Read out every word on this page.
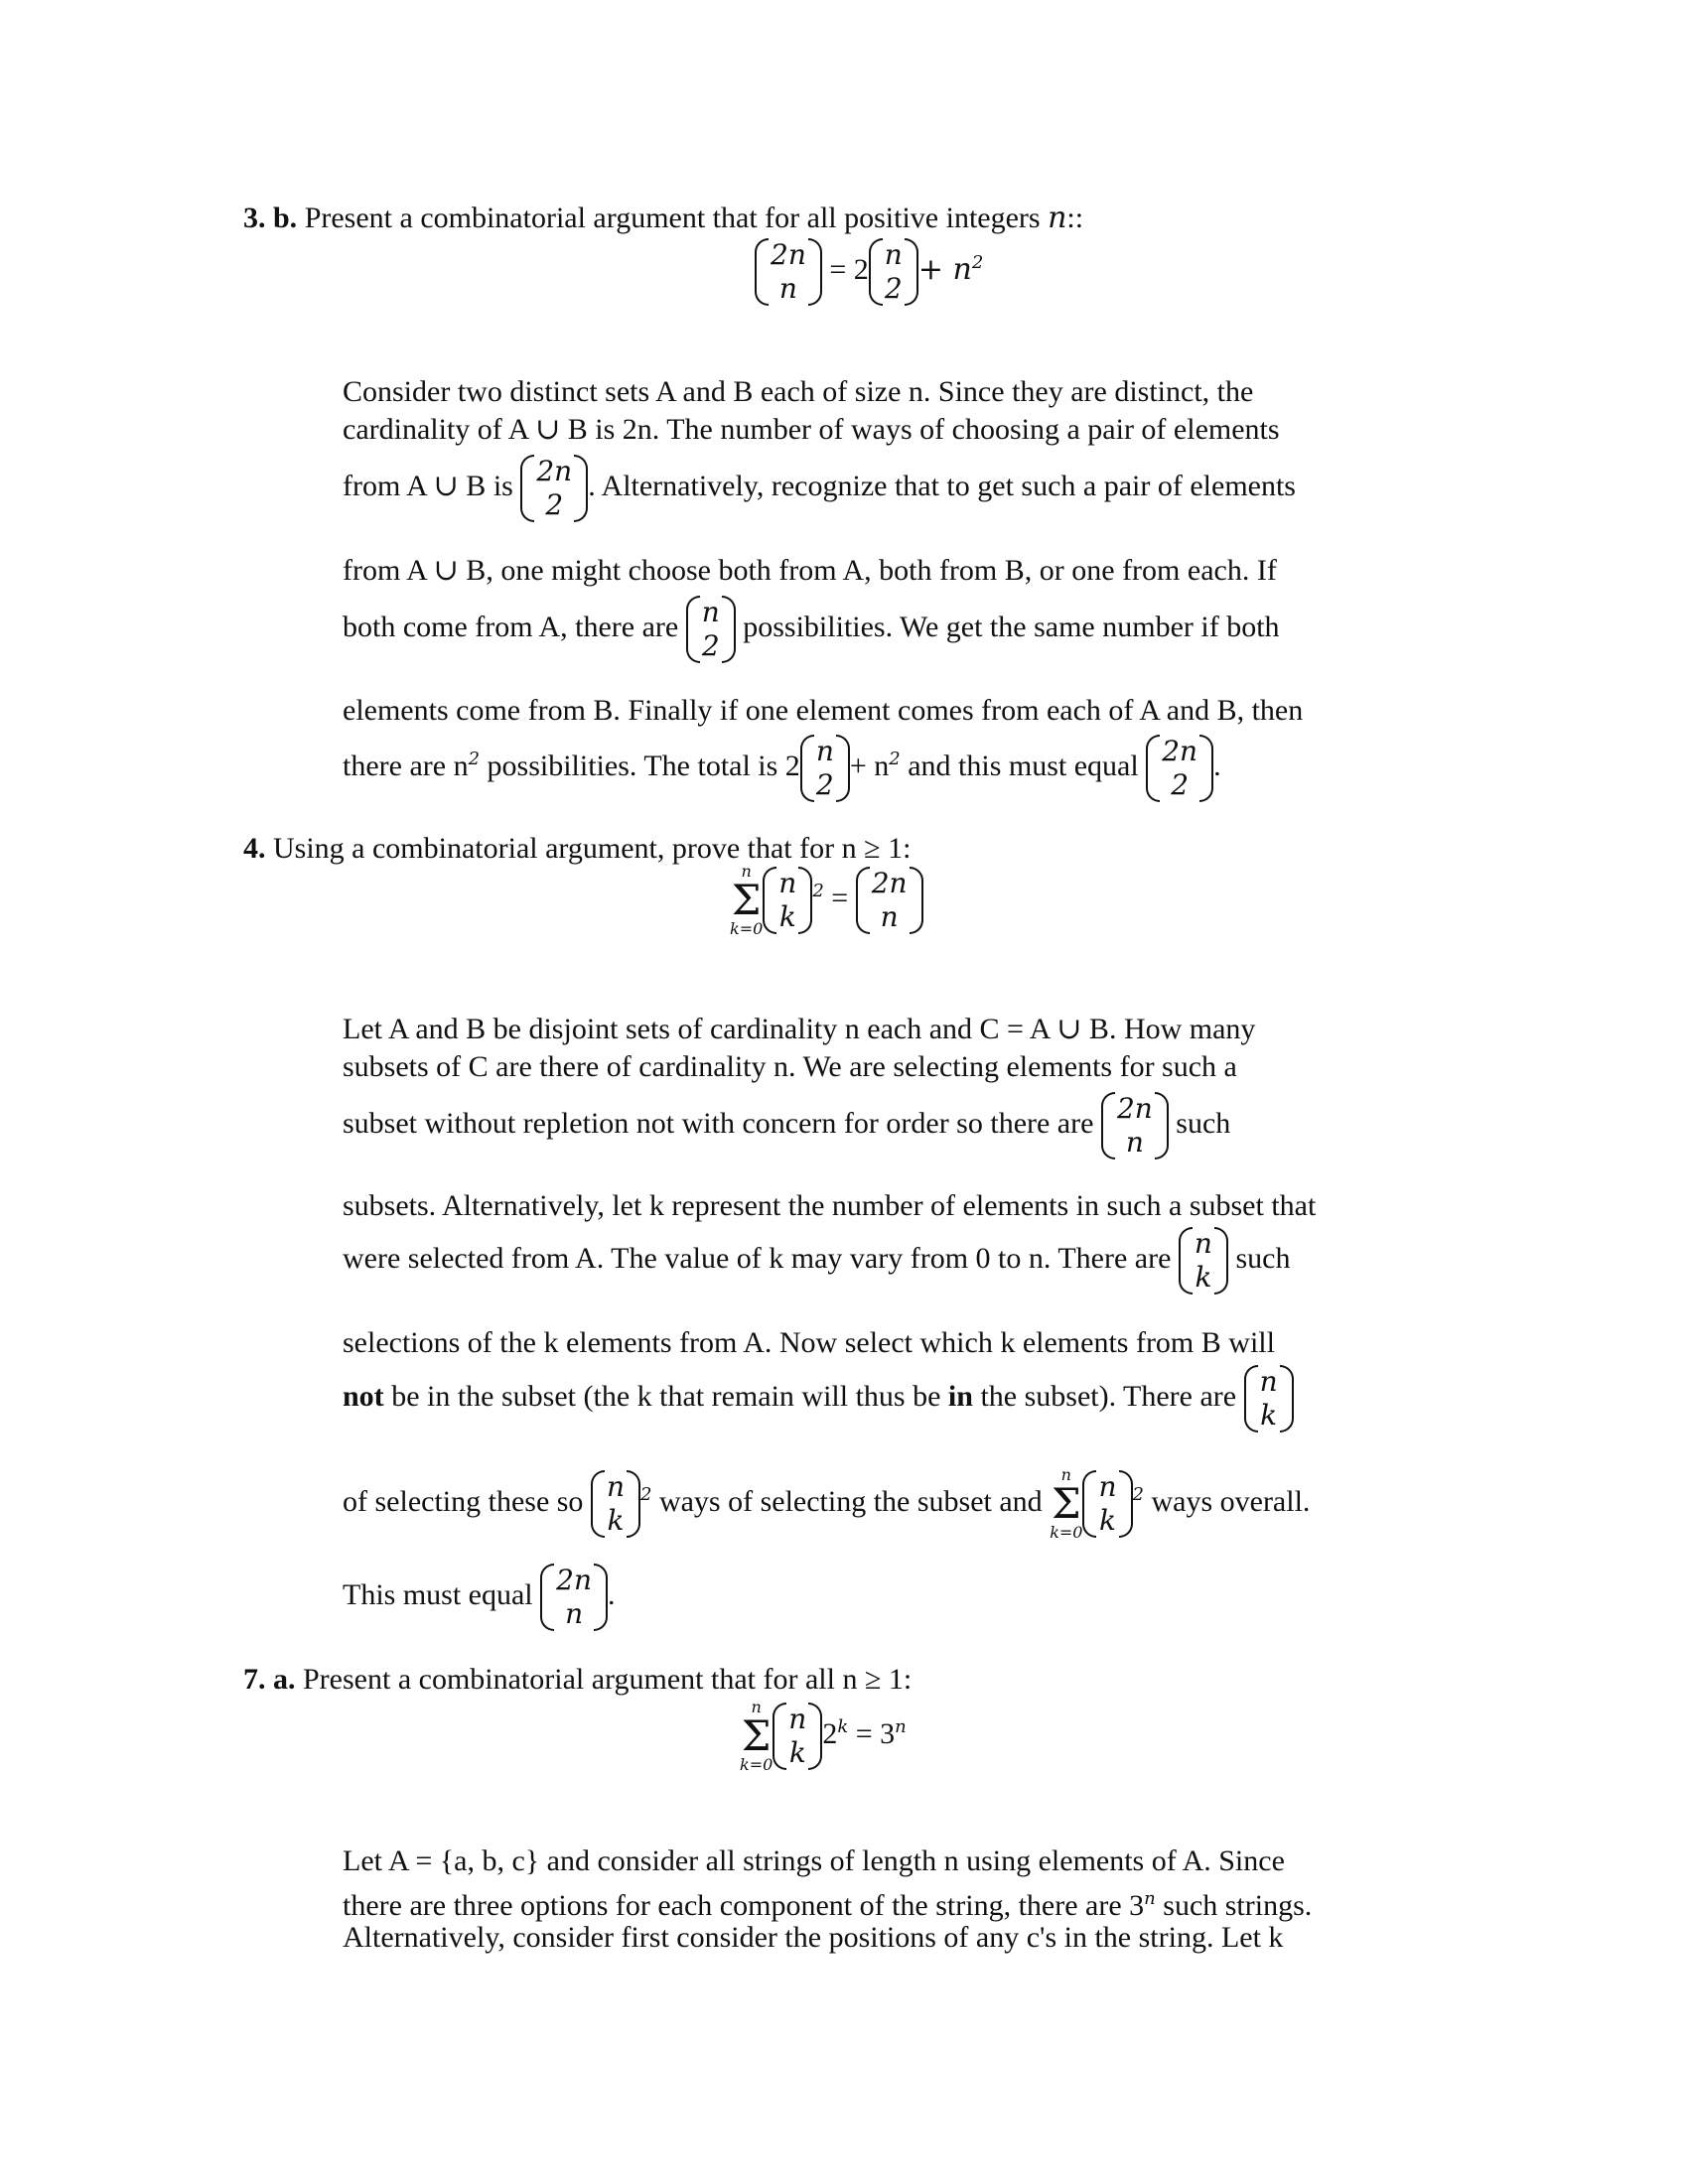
3. b. Present a combinatorial argument that for all positive integers n::
2n
n
= 2 n
2
+ $n^2$
Consider two distinct sets A and B each of size n. Since they are distinct, the
cardinality of A ∪ B is 2n. The number of ways of choosing a pair of elements
from A ∪ B is 2n
2
. Alternatively, recognize that to get such a pair of elements
from A ∪ B, one might choose both from A, both from B, or one from each. If
both come from A, there are n
2
possibilities. We get the same number if both
elements come from B. Finally if one element comes from each of A and B, then
there are $n^2$ possibilities. The total is 2 n
2
+ $n^2$ and this must equal 2n
2
.
4. Using a combinatorial argument, prove that for n ≥ 1:
n
Σ
k=0
n
k
$^2$ = 2n
n
Let A and B be disjoint sets of cardinality n each and C = A ∪ B. How many
subsets of C are there of cardinality n. We are selecting elements for such a
subset without repletion not with concern for order so there are 2n
n
such
subsets. Alternatively, let k represent the number of elements in such a subset that
were selected from A. The value of k may vary from 0 to n. There are n
k
such
selections of the k elements from A. Now select which k elements from B will
not be in the subset (the k that remain will thus be in the subset). There are n
k
of selecting these so n
k
$^2$ ways of selecting the subset and
n
Σ
k=0
n
k
$^2$ ways overall.
This must equal 2n
n
.
7. a. Present a combinatorial argument that for all n ≥ 1:
n
Σ
k=0
n
k
$2^k = 3^n$
Let A = {a, b, c} and consider all strings of length n using elements of A. Since
there are three options for each component of the string, there are 3$^n$ such strings.
Alternatively, consider first consider the positions of any c's in the string. Let k
